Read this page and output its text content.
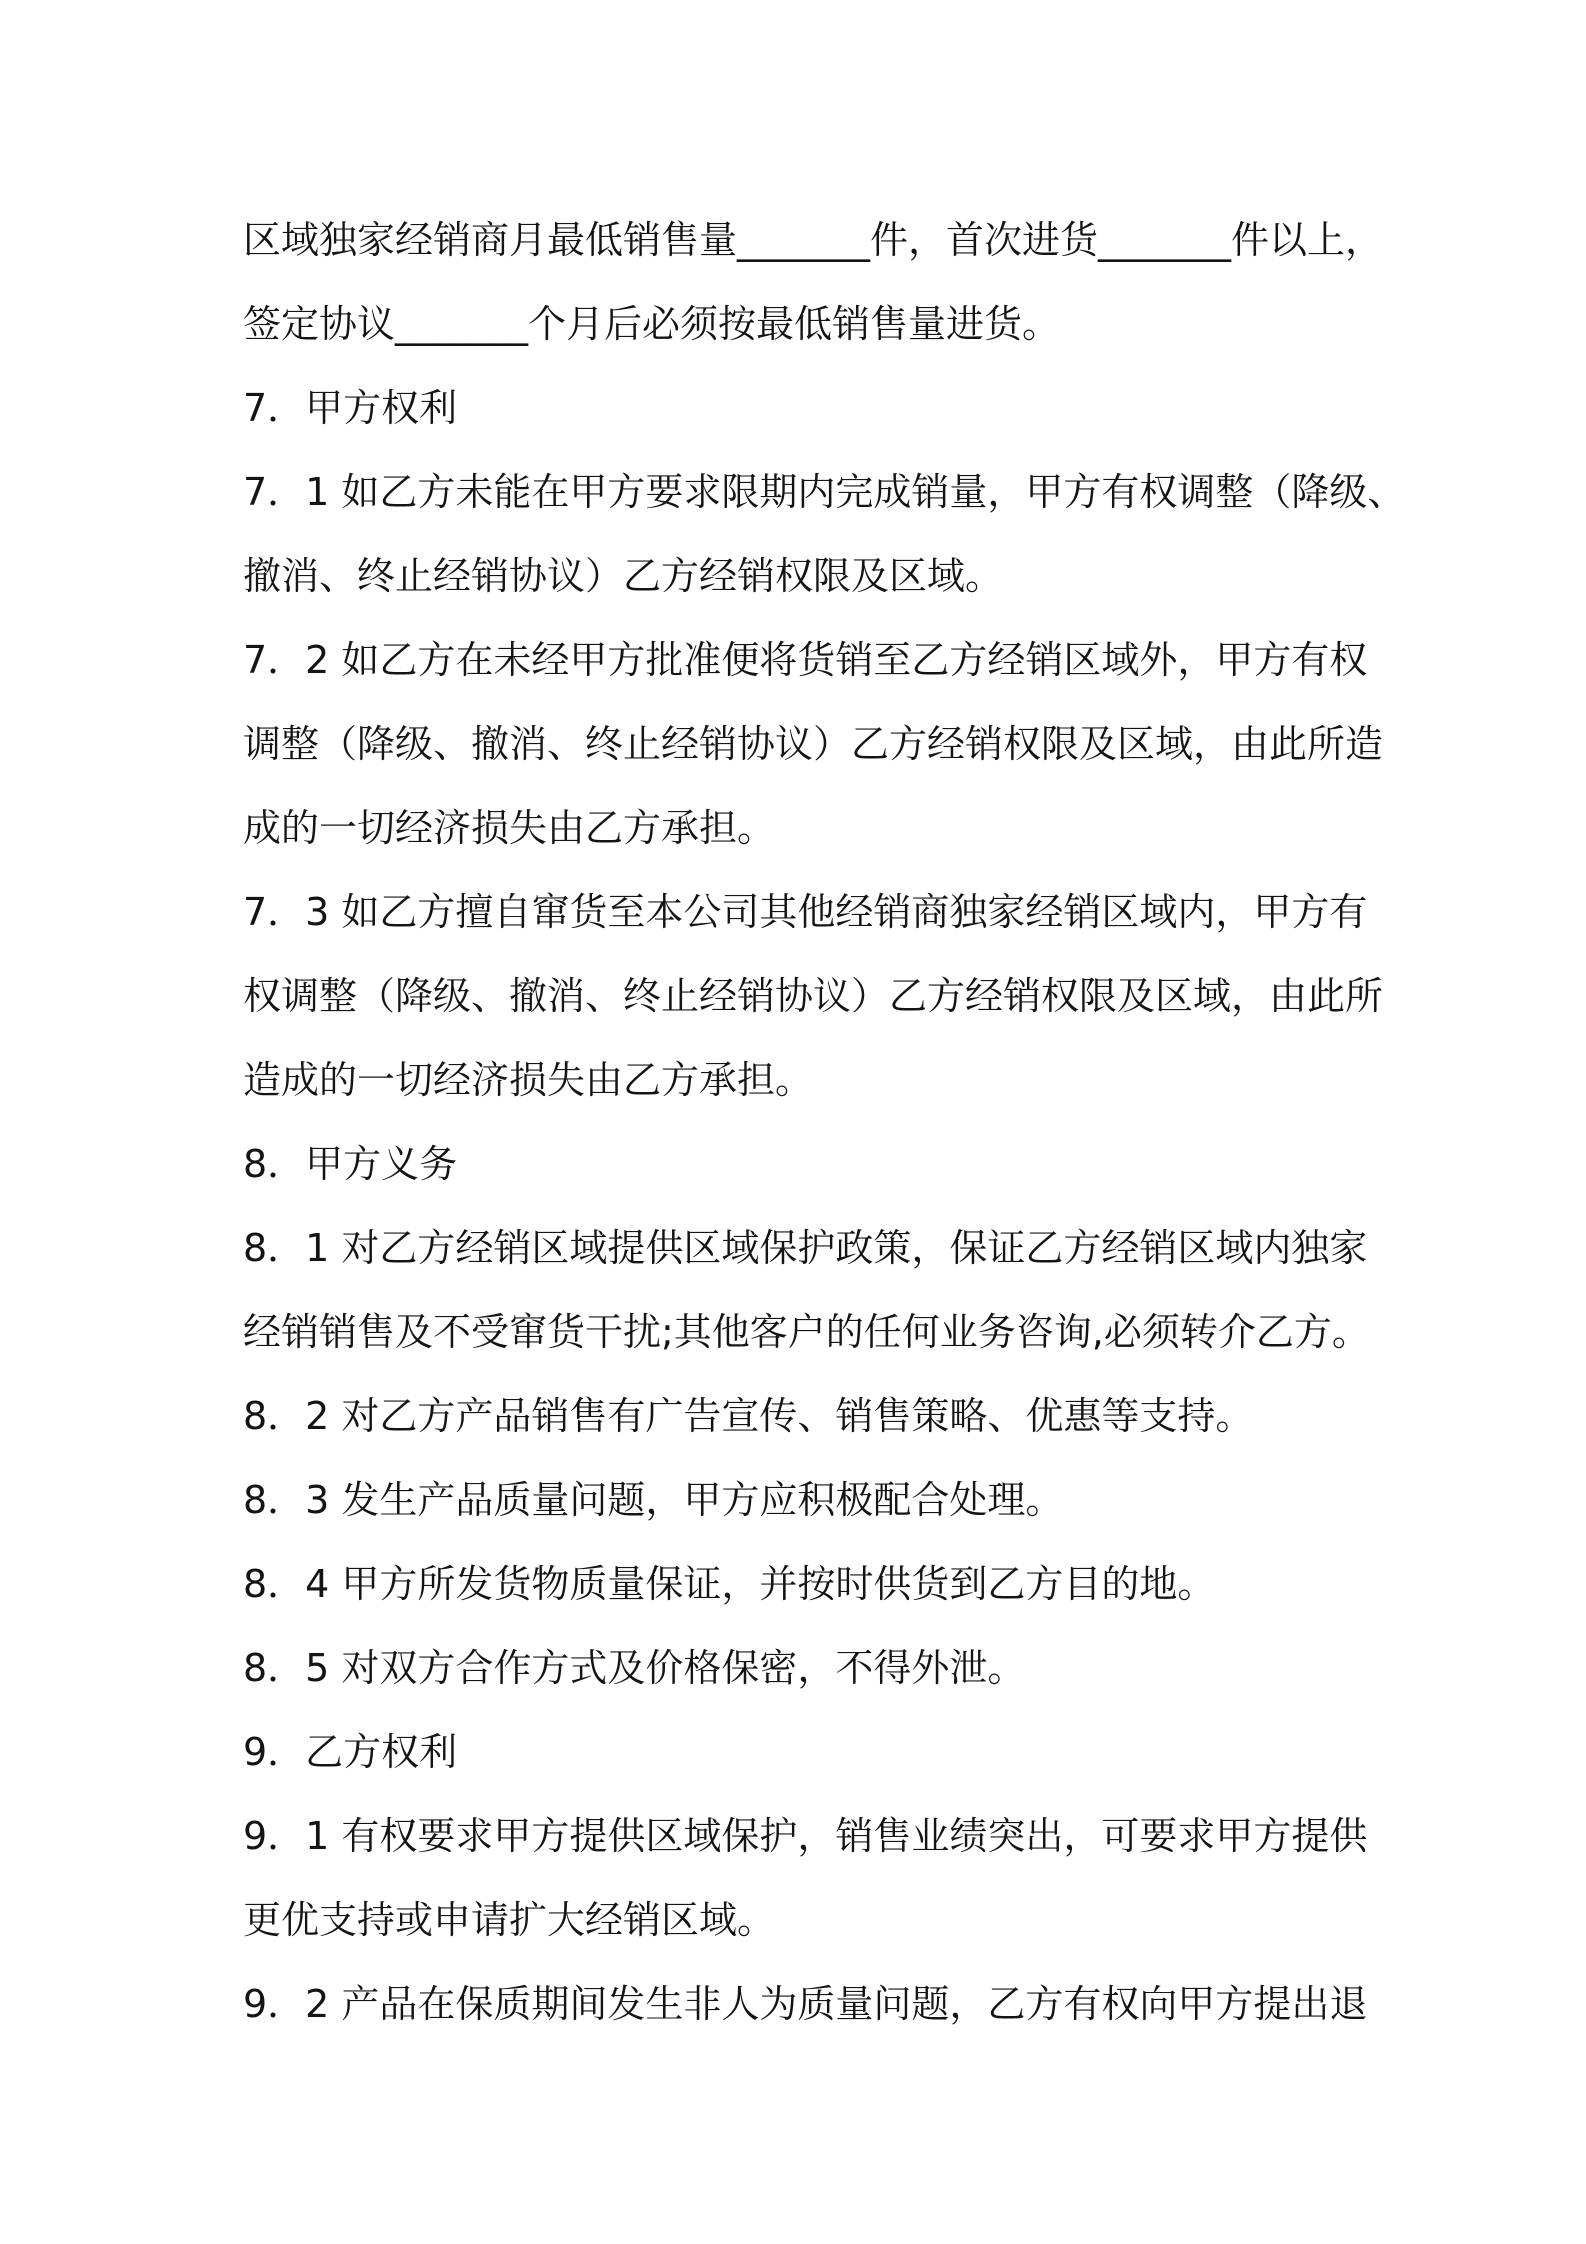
区域独家经销商月最低销售量_______件，首次进货_______件以上，
签定协议_______个月后必须按最低销售量进货。
7．甲方权利
7．1 如乙方未能在甲方要求限期内完成销量，甲方有权调整（降级、
撤消、终止经销协议）乙方经销权限及区域。
7．2 如乙方在未经甲方批准便将货销至乙方经销区域外，甲方有权
调整（降级、撤消、终止经销协议）乙方经销权限及区域，由此所造
成的一切经济损失由乙方承担。
7．3 如乙方擅自窜货至本公司其他经销商独家经销区域内，甲方有
权调整（降级、撤消、终止经销协议）乙方经销权限及区域，由此所
造成的一切经济损失由乙方承担。
8．甲方义务
8．1 对乙方经销区域提供区域保护政策，保证乙方经销区域内独家
经销销售及不受窜货干扰;其他客户的任何业务咨询,必须转介乙方。
8．2 对乙方产品销售有广告宣传、销售策略、优惠等支持。
8．3 发生产品质量问题，甲方应积极配合处理。
8．4 甲方所发货物质量保证，并按时供货到乙方目的地。
8．5 对双方合作方式及价格保密，不得外泄。
9．乙方权利
9．1 有权要求甲方提供区域保护，销售业绩突出，可要求甲方提供
更优支持或申请扩大经销区域。
9．2 产品在保质期间发生非人为质量问题，乙方有权向甲方提出退
